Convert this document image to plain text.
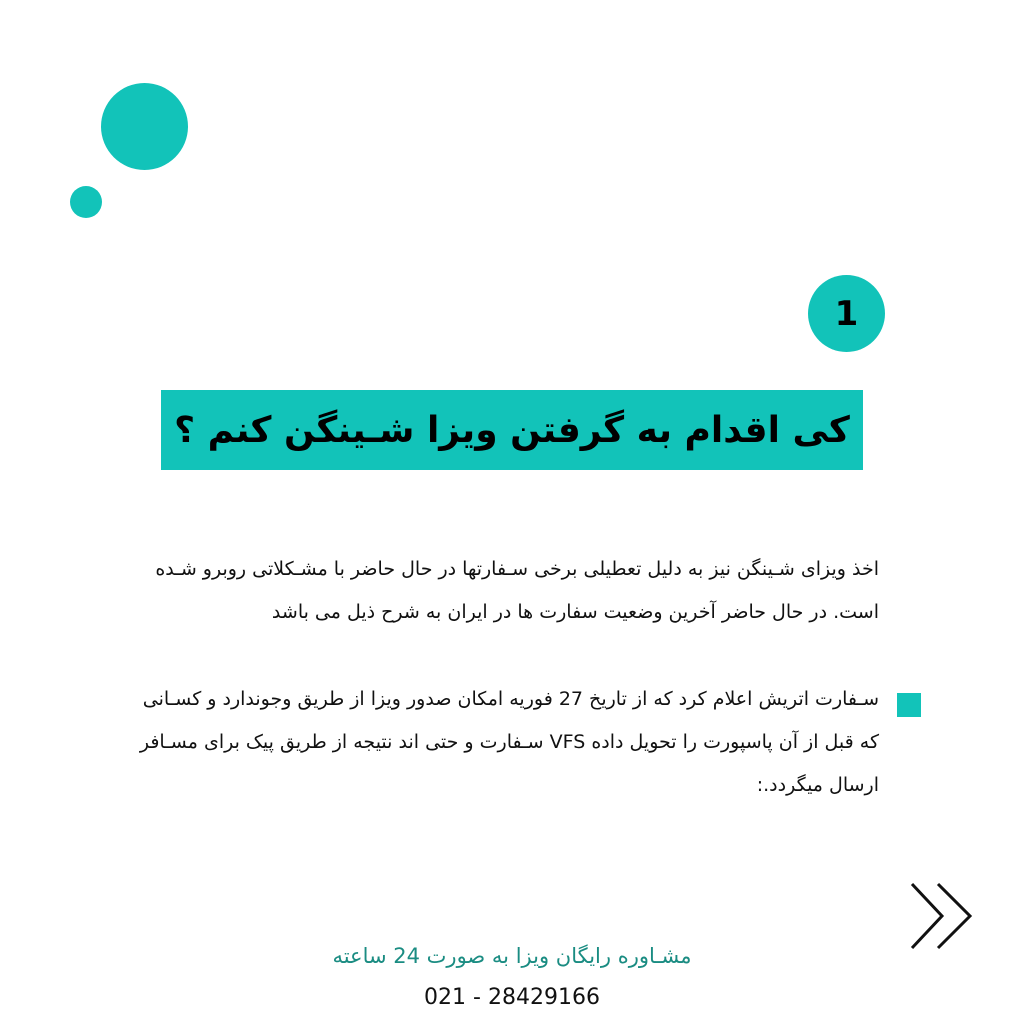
1
کی اقدام به گرفتن ویزا شـینگن کنم ؟

اخذ ویزای شـینگن نیز به دلیل تعطیلی برخی سـفارتها در حال حاضر با مشـکلاتی روبرو شـده است. در حال حاضر آخرین وضعیت سفارت ها در ایران به شرح ذیل می باشد

سـفارت اتریش اعلام کرد که از تاریخ 27 فوریه امکان صدور ویزا از طریق وجوندارد و کسـانی که قبل از آن پاسپورت را تحویل داده VFS سـفارت و حتی اند نتیجه از طریق پیک برای مسـافر ارسال میگردد.:

مشـاوره رایگان ویزا به صورت 24 ساعته
021 - 28429166
